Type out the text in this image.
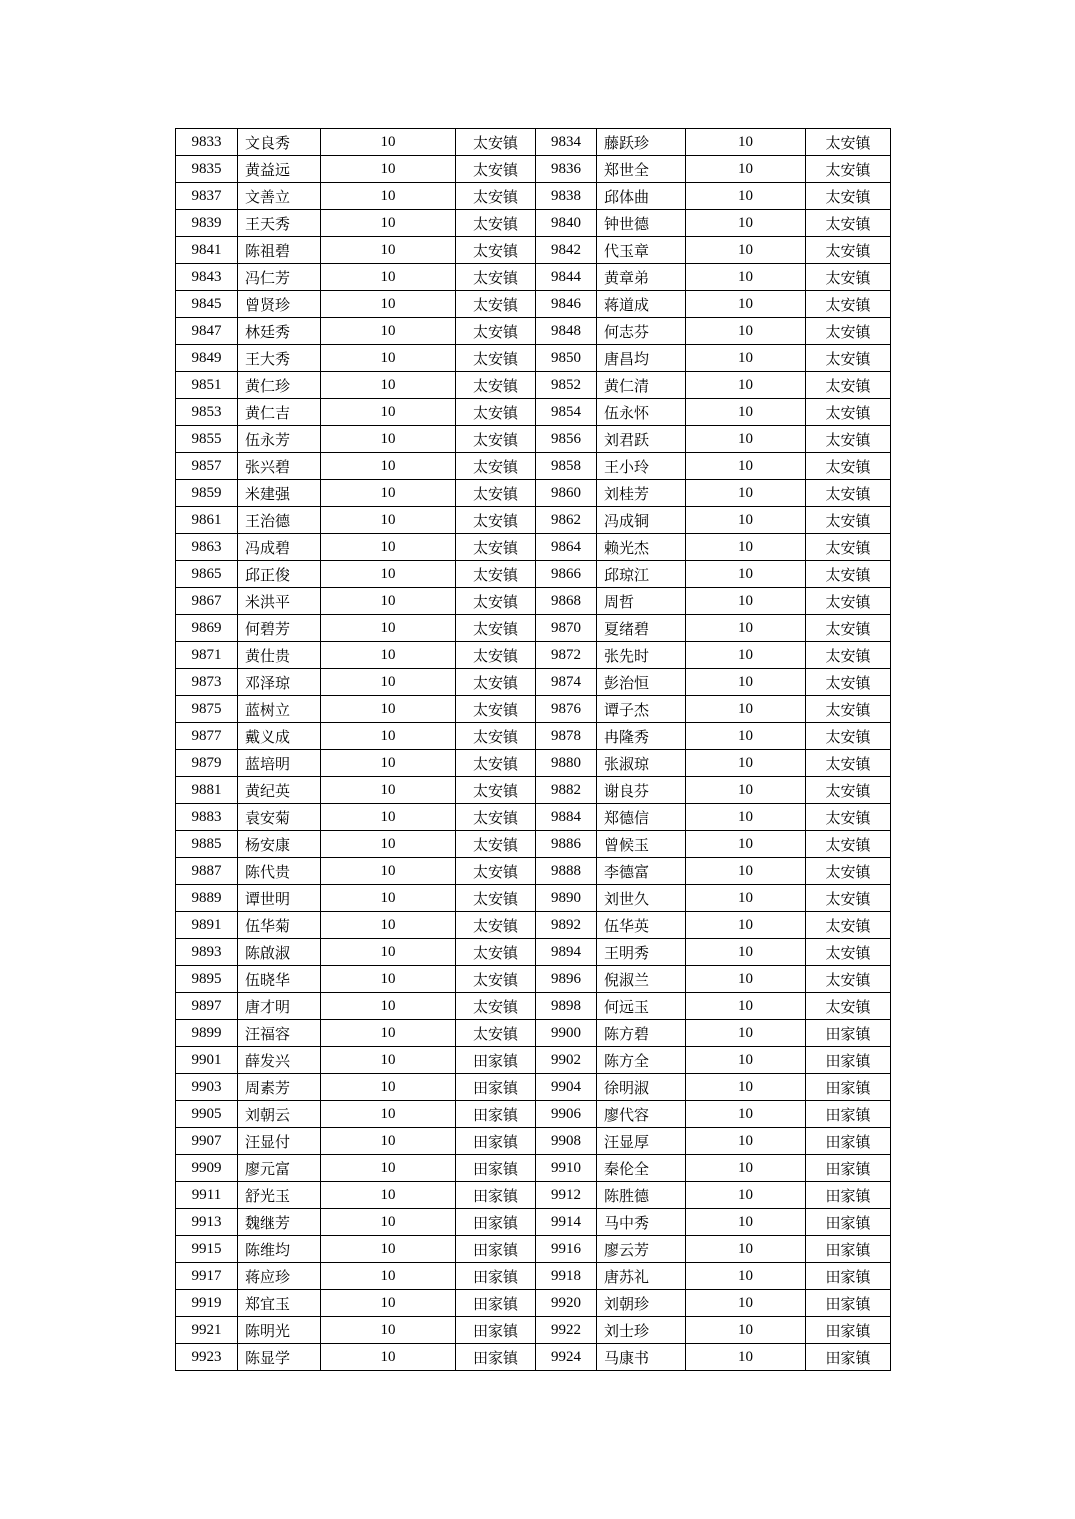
9833	文良秀	10	太安镇	9834	藤跃珍	10	太安镇
9835	黄益远	10	太安镇	9836	郑世全	10	太安镇
9837	文善立	10	太安镇	9838	邱体曲	10	太安镇
9839	王天秀	10	太安镇	9840	钟世德	10	太安镇
9841	陈祖碧	10	太安镇	9842	代玉章	10	太安镇
9843	冯仁芳	10	太安镇	9844	黄章弟	10	太安镇
9845	曾贤珍	10	太安镇	9846	蒋道成	10	太安镇
9847	林廷秀	10	太安镇	9848	何志芬	10	太安镇
9849	王大秀	10	太安镇	9850	唐昌均	10	太安镇
9851	黄仁珍	10	太安镇	9852	黄仁清	10	太安镇
9853	黄仁吉	10	太安镇	9854	伍永怀	10	太安镇
9855	伍永芳	10	太安镇	9856	刘君跃	10	太安镇
9857	张兴碧	10	太安镇	9858	王小玲	10	太安镇
9859	米建强	10	太安镇	9860	刘桂芳	10	太安镇
9861	王治德	10	太安镇	9862	冯成铜	10	太安镇
9863	冯成碧	10	太安镇	9864	赖光杰	10	太安镇
9865	邱正俊	10	太安镇	9866	邱琼江	10	太安镇
9867	米洪平	10	太安镇	9868	周哲	10	太安镇
9869	何碧芳	10	太安镇	9870	夏绪碧	10	太安镇
9871	黄仕贵	10	太安镇	9872	张先时	10	太安镇
9873	邓泽琼	10	太安镇	9874	彭治恒	10	太安镇
9875	蓝树立	10	太安镇	9876	谭子杰	10	太安镇
9877	戴义成	10	太安镇	9878	冉隆秀	10	太安镇
9879	蓝培明	10	太安镇	9880	张淑琼	10	太安镇
9881	黄纪英	10	太安镇	9882	谢良芬	10	太安镇
9883	袁安菊	10	太安镇	9884	郑德信	10	太安镇
9885	杨安康	10	太安镇	9886	曾候玉	10	太安镇
9887	陈代贵	10	太安镇	9888	李德富	10	太安镇
9889	谭世明	10	太安镇	9890	刘世久	10	太安镇
9891	伍华菊	10	太安镇	9892	伍华英	10	太安镇
9893	陈啟淑	10	太安镇	9894	王明秀	10	太安镇
9895	伍晓华	10	太安镇	9896	倪淑兰	10	太安镇
9897	唐才明	10	太安镇	9898	何远玉	10	太安镇
9899	汪福容	10	太安镇	9900	陈方碧	10	田家镇
9901	薛发兴	10	田家镇	9902	陈方全	10	田家镇
9903	周素芳	10	田家镇	9904	徐明淑	10	田家镇
9905	刘朝云	10	田家镇	9906	廖代容	10	田家镇
9907	汪显付	10	田家镇	9908	汪显厚	10	田家镇
9909	廖元富	10	田家镇	9910	秦伦全	10	田家镇
9911	舒光玉	10	田家镇	9912	陈胜德	10	田家镇
9913	魏继芳	10	田家镇	9914	马中秀	10	田家镇
9915	陈维均	10	田家镇	9916	廖云芳	10	田家镇
9917	蒋应珍	10	田家镇	9918	唐苏礼	10	田家镇
9919	郑宜玉	10	田家镇	9920	刘朝珍	10	田家镇
9921	陈明光	10	田家镇	9922	刘士珍	10	田家镇
9923	陈显学	10	田家镇	9924	马康书	10	田家镇
